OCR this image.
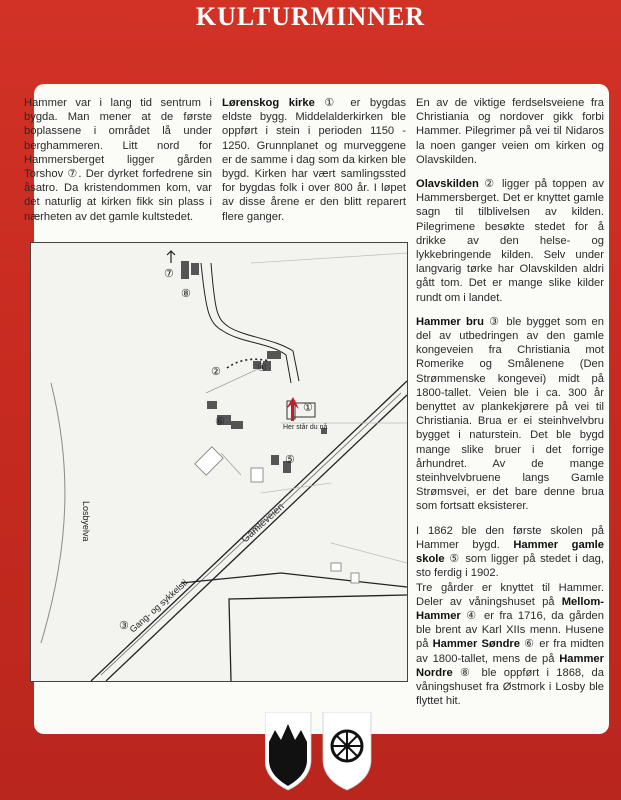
KULTURMINNER

Hammer var i lang tid sentrum i bygda. Man mener at de første boplassene i området lå under berghammeren. Litt nord for Hammersberget ligger gården Torshov ⑦. Der dyrket forfedrene sin åsatro. Da kristendommen kom, var det naturlig at kirken fikk sin plass i nærheten av det gamle kultstedet.

Lørenskog kirke ① er bygdas eldste bygg. Middelalderkirken ble oppført i stein i perioden 1150 - 1250. Grunnplanet og murveggene er de samme i dag som da kirken ble bygd. Kirken har vært samlingssted for bygdas folk i over 800 år. I løpet av disse årene er den blitt reparert flere ganger.

En av de viktige ferdselsveiene fra Christiania og nordover gikk forbi Hammer. Pilegrimer på vei til Nidaros la noen ganger veien om kirken og Olavskilden.

Olavskilden ② ligger på toppen av Hammersberget. Det er knyttet gamle sagn til tilblivelsen av kilden. Pilegrimene besøkte stedet for å drikke av den helse- og lykkebringende kilden. Selv under langvarig tørke har Olavskilden aldri gått tom. Det er mange slike kilder rundt om i landet.

Hammer bru ③ ble bygget som en del av utbedringen av den gamle kongeveien fra Christiania mot Romerike og Smålenene (Den Strømmenske kongevei) midt på 1800-tallet. Veien ble i ca. 300 år benyttet av plankekjørere på vei til Christiania. Brua er ei steinhvelvbru bygget i naturstein. Det ble bygd mange slike bruer i det forrige århundret. Av de mange steinhvelvbruene langs Gamle Strømsvei, er det bare denne brua som fortsatt eksisterer.

I 1862 ble den første skolen på Hammer bygd. Hammer gamle skole ⑤ som ligger på stedet i dag, sto ferdig i 1902.

Tre gårder er knyttet til Hammer. Deler av våningshuset på Mellom-Hammer ④ er fra 1716, da gården ble brent av Karl XIIs menn. Husene på Hammer Søndre ⑥ er fra midten av 1800-tallet, mens de på Hammer Nordre ⑧ ble oppført i 1868, da våningshuset fra Østmork i Losby ble flyttet hit.

Losbyelva	Gamleveien
Gang- og sykkelsti
Her står du nå
⑦
⑧
②	④
①
⑥
⑤
③
